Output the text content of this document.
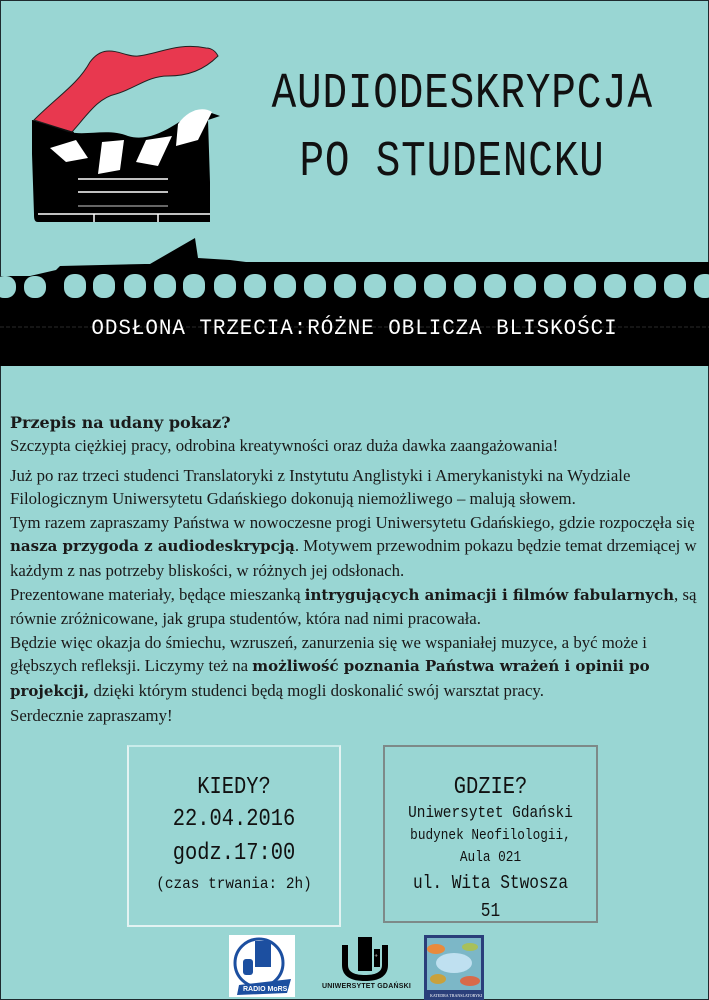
AUDIODESKRYPCJA
PO STUDENCKU
ODSŁONA TRZECIA:RÓŻNE OBLICZA BLISKOŚCI
Przepis na udany pokaz?

Szczypta ciężkiej pracy, odrobina kreatywności oraz duża dawka zaangażowania!

Już po raz trzeci studenci Translatoryki z Instytutu Anglistyki i Amerykanistyki na Wydziale Filologicznym Uniwersytetu Gdańskiego dokonują niemożliwego – malują słowem.

Tym razem zapraszamy Państwa w nowoczesne progi Uniwersytetu Gdańskiego, gdzie rozpoczęła się nasza przygoda z audiodeskrypcją. Motywem przewodnim pokazu będzie temat drzemiącej w każdym z nas potrzeby bliskości, w różnych jej odsłonach.

Prezentowane materiały, będące mieszanką intrygujących animacji i filmów fabularnych, są równie zróżnicowane, jak grupa studentów, która nad nimi pracowała.

Będzie więc okazja do śmiechu, wzruszeń, zanurzenia się we wspaniałej muzyce, a być może i głębszych refleksji. Liczymy też na możliwość poznania Państwa wrażeń i opinii po projekcji, dzięki którym studenci będą mogli doskonalić swój warsztat pracy.

Serdecznie zapraszamy!

KIEDY?
22.04.2016
godz.17:00
(czas trwania: 2h)
GDZIE?
Uniwersytet Gdański
budynek Neofilologii,
Aula 021
ul. Wita Stwosza 51
RADIO MoRS
+
UNIWERSYTET GDAŃSKI
KATEDRA TRANSLATORYKI
